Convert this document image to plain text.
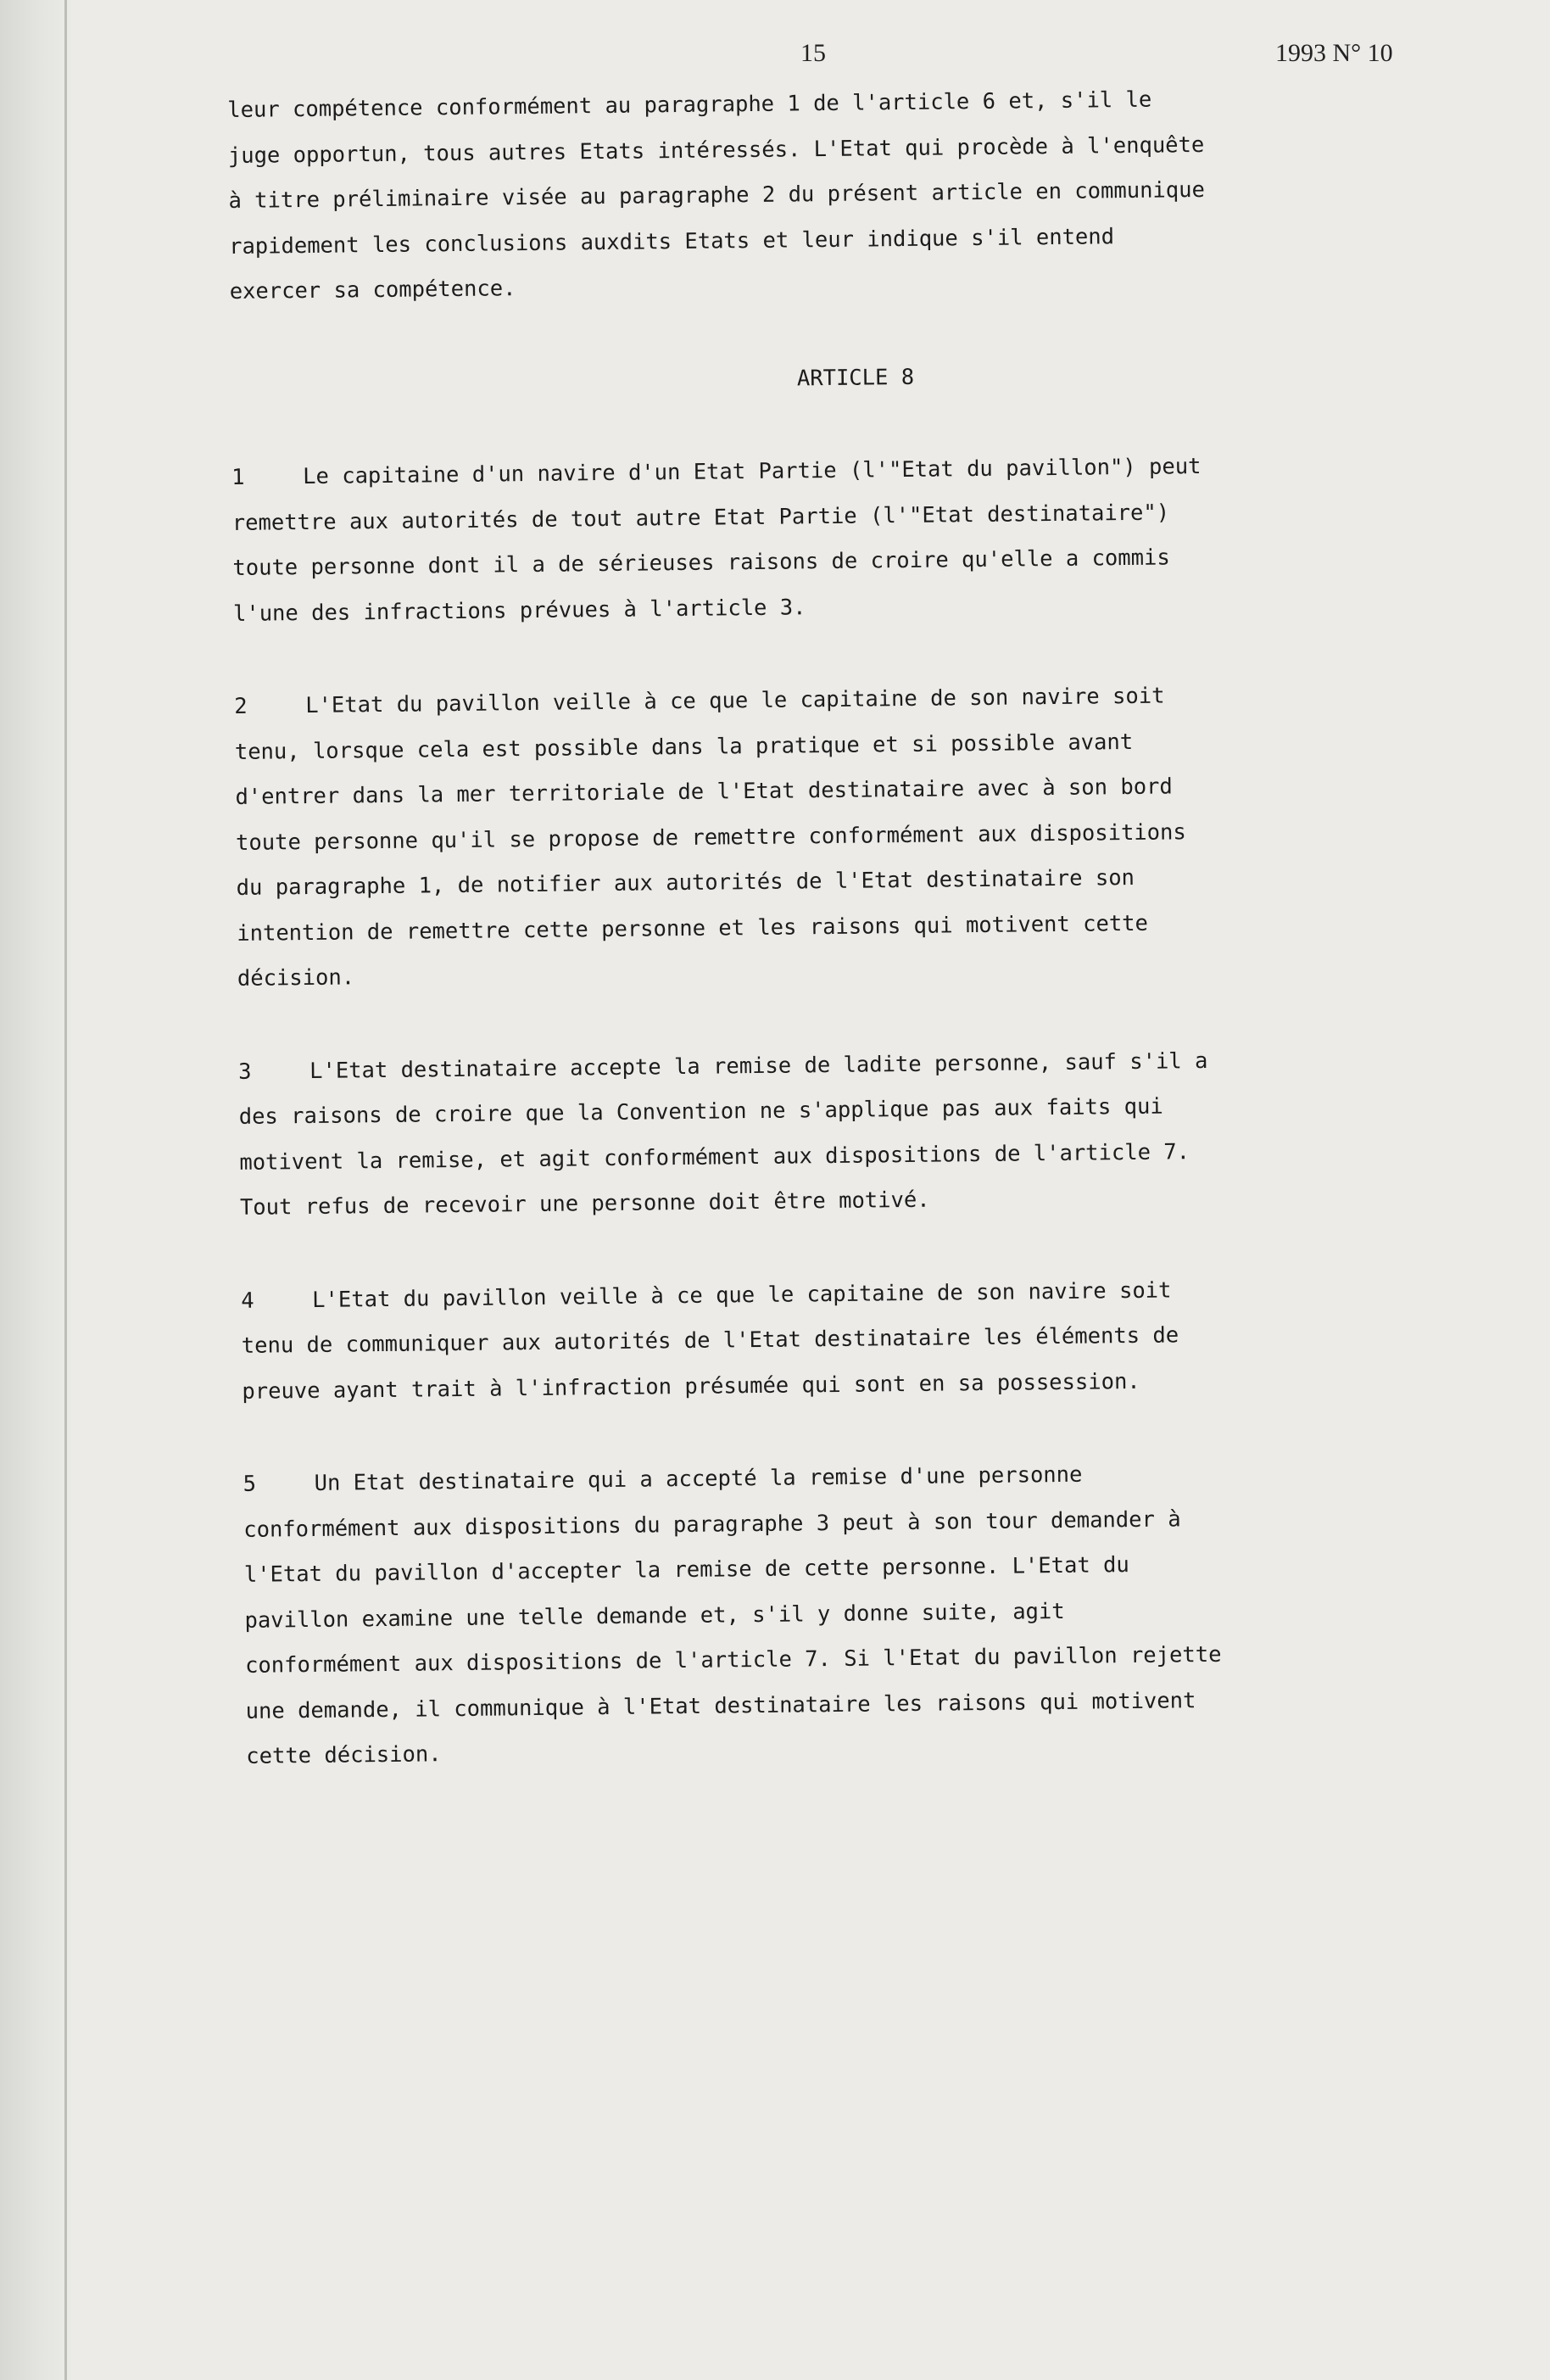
15	1993 N° 10
leur compétence conformément au paragraphe 1 de l'article 6 et, s'il le
juge opportun, tous autres Etats intéressés. L'Etat qui procède à l'enquête
à titre préliminaire visée au paragraphe 2 du présent article en communique
rapidement les conclusions auxdits Etats et leur indique s'il entend
exercer sa compétence.
ARTICLE 8
1	Le capitaine d'un navire d'un Etat Partie (l'"Etat du pavillon") peut
remettre aux autorités de tout autre Etat Partie (l'"Etat destinataire")
toute personne dont il a de sérieuses raisons de croire qu'elle a commis
l'une des infractions prévues à l'article 3.
2	L'Etat du pavillon veille à ce que le capitaine de son navire soit
tenu, lorsque cela est possible dans la pratique et si possible avant
d'entrer dans la mer territoriale de l'Etat destinataire avec à son bord
toute personne qu'il se propose de remettre conformément aux dispositions
du paragraphe 1, de notifier aux autorités de l'Etat destinataire son
intention de remettre cette personne et les raisons qui motivent cette
décision.
3	L'Etat destinataire accepte la remise de ladite personne, sauf s'il a
des raisons de croire que la Convention ne s'applique pas aux faits qui
motivent la remise, et agit conformément aux dispositions de l'article 7.
Tout refus de recevoir une personne doit être motivé.
4	L'Etat du pavillon veille à ce que le capitaine de son navire soit
tenu de communiquer aux autorités de l'Etat destinataire les éléments de
preuve ayant trait à l'infraction présumée qui sont en sa possession.
5	Un Etat destinataire qui a accepté la remise d'une personne
conformément aux dispositions du paragraphe 3 peut à son tour demander à
l'Etat du pavillon d'accepter la remise de cette personne. L'Etat du
pavillon examine une telle demande et, s'il y donne suite, agit
conformément aux dispositions de l'article 7. Si l'Etat du pavillon rejette
une demande, il communique à l'Etat destinataire les raisons qui motivent
cette décision.
